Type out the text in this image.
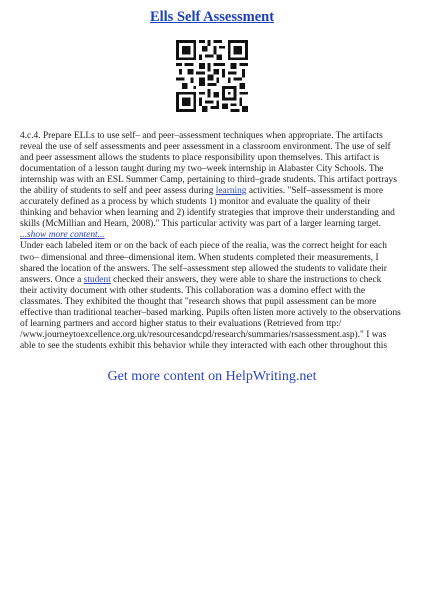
Ells Self Assessment
4.c.4. Prepare ELLs to use self– and peer–assessment techniques when appropriate. The artifacts
reveal the use of self assessments and peer assessment in a classroom environment. The use of self
and peer assessment allows the students to place responsibility upon themselves. This artifact is
documentation of a lesson taught during my two–week internship in Alabaster City Schools. The
internship was with an ESL Summer Camp, pertaining to third–grade students. This artifact portrays
the ability of students to self and peer assess during learning activities. "Self–assessment is more
accurately defined as a process by which students 1) monitor and evaluate the quality of their
thinking and behavior when learning and 2) identify strategies that improve their understanding and
skills (McMillian and Hearn, 2008)." This particular activity was part of a larger learning target.
...show more content...
Under each labeled item or on the back of each piece of the realia, was the correct height for each
two– dimensional and three–dimensional item. When students completed their measurements, I
shared the location of the answers. The self–assessment step allowed the students to validate their
answers. Once a student checked their answers, they were able to share the instructions to check
their activity document with other students. This collaboration was a domino effect with the
classmates. They exhibited the thought that "research shows that pupil assessment can be more
effective than traditional teacher–based marking. Pupils often listen more actively to the observations
of learning partners and accord higher status to their evaluations (Retrieved from ttp:/
/www.journeytoexcellence.org.uk/resourcesandcpd/research/summaries/rsassessment.asp)." I was
able to see the students exhibit this behavior while they interacted with each other throughout this
Get more content on HelpWriting.net
